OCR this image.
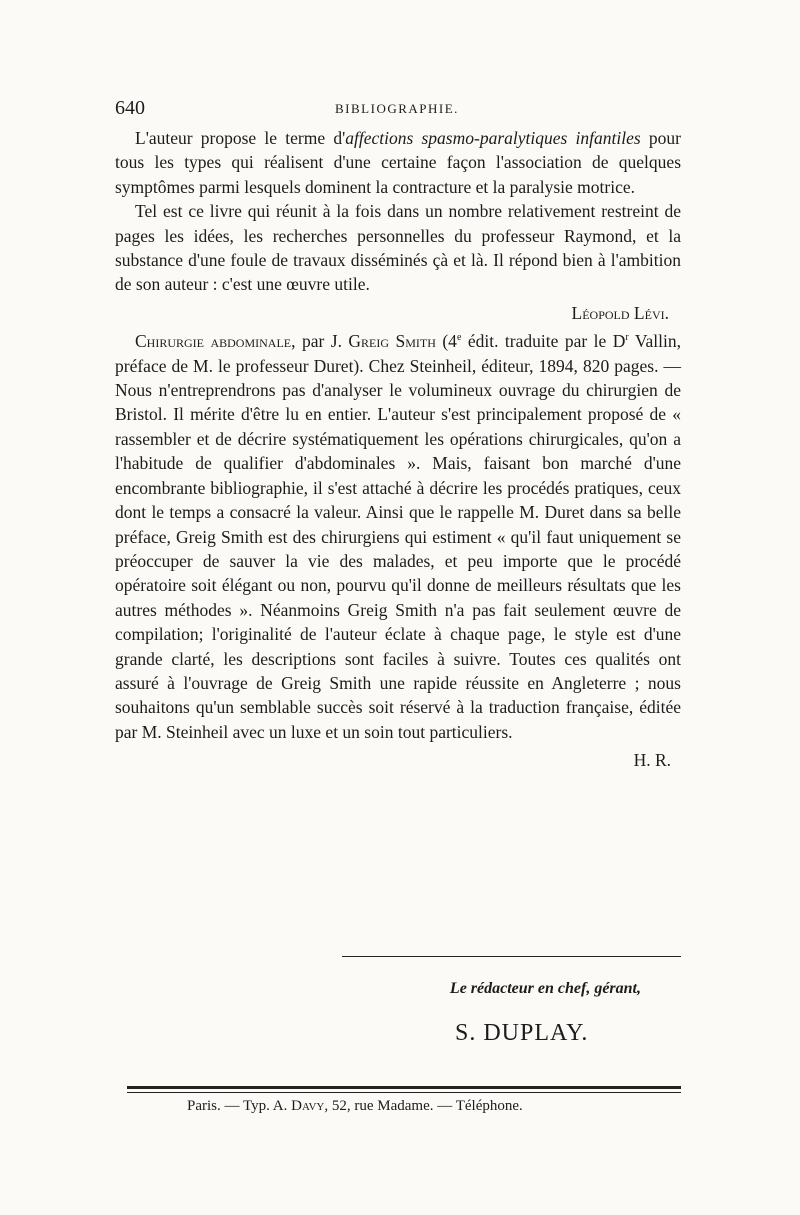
640	BIBLIOGRAPHIE.

L'auteur propose le terme d'affections spasmo-paralytiques infantiles pour tous les types qui réalisent d'une certaine façon l'association de quelques symptômes parmi lesquels dominent la contracture et la paralysie motrice.

Tel est ce livre qui réunit à la fois dans un nombre relativement restreint de pages les idées, les recherches personnelles du professeur Raymond, et la substance d'une foule de travaux disséminés çà et là. Il répond bien à l'ambition de son auteur : c'est une œuvre utile.

Léopold Lévi.

Chirurgie abdominale, par J. Greig Smith (4e édit. traduite par le $D^r$ Vallin, préface de M. le professeur Duret). Chez Steinheil, éditeur, 1894, 820 pages. — Nous n'entreprendrons pas d'analyser le volumineux ouvrage du chirurgien de Bristol. Il mérite d'être lu en entier. L'auteur s'est principalement proposé de « rassembler et de décrire systématiquement les opérations chirurgicales, qu'on a l'habitude de qualifier d'abdominales ». Mais, faisant bon marché d'une encombrante bibliographie, il s'est attaché à décrire les procédés pratiques, ceux dont le temps a consacré la valeur. Ainsi que le rappelle M. Duret dans sa belle préface, Greig Smith est des chirurgiens qui estiment « qu'il faut uniquement se préoccuper de sauver la vie des malades, et peu importe que le procédé opératoire soit élégant ou non, pourvu qu'il donne de meilleurs résultats que les autres méthodes ». Néanmoins Greig Smith n'a pas fait seulement œuvre de compilation; l'originalité de l'auteur éclate à chaque page, le style est d'une grande clarté, les descriptions sont faciles à suivre. Toutes ces qualités ont assuré à l'ouvrage de Greig Smith une rapide réussite en Angleterre ; nous souhaitons qu'un semblable succès soit réservé à la traduction française, éditée par M. Steinheil avec un luxe et un soin tout particuliers.

H. R.

Le rédacteur en chef, gérant,
S. DUPLAY.
Paris. — Typ. A. Davy, 52, rue Madame. — Téléphone.
